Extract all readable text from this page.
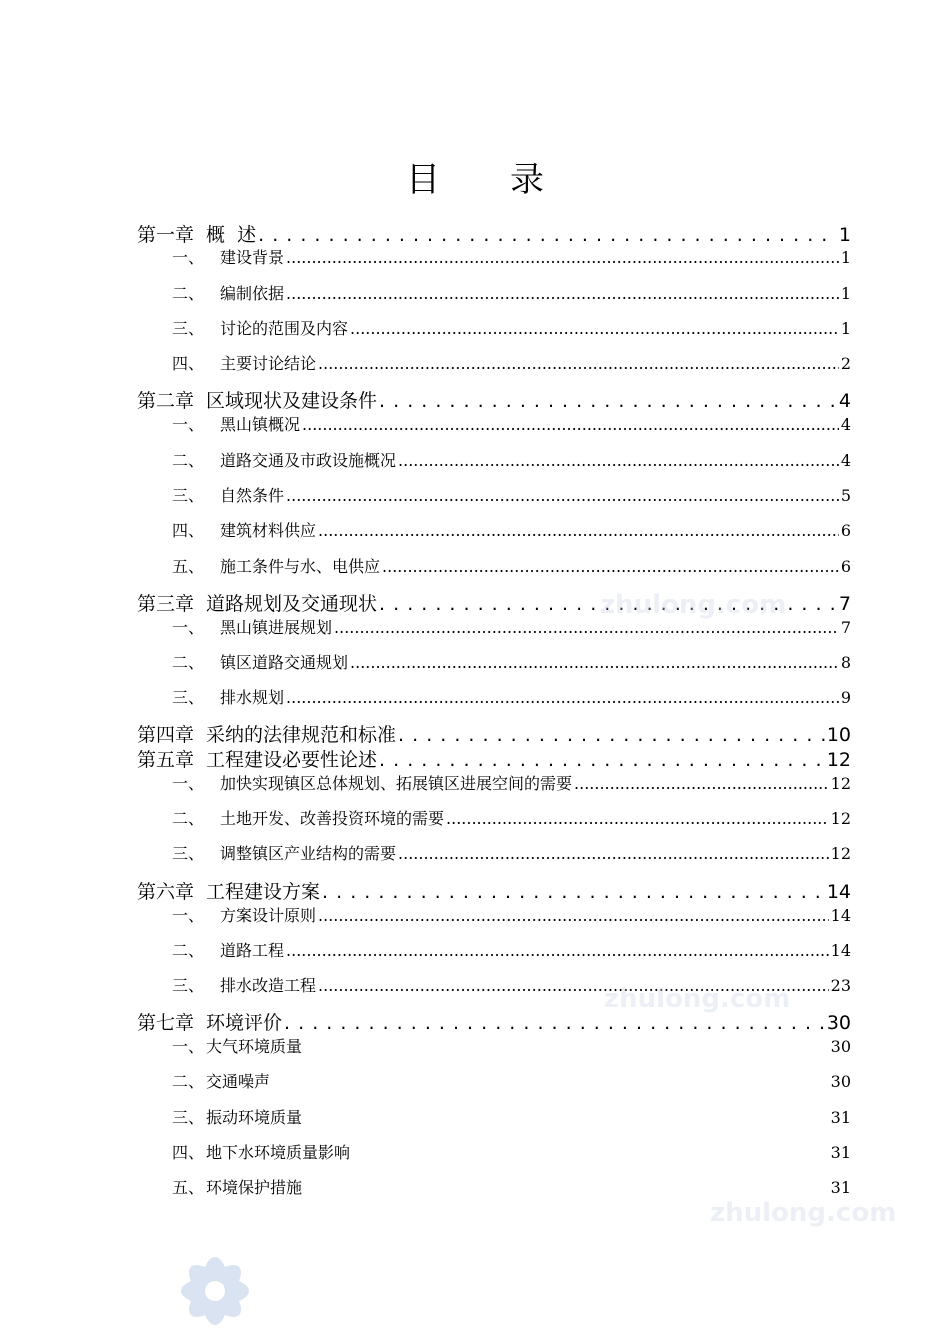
目 录
第一章 概  述 . . .	1
一、 建设背景 .....	1
二、 编制依据 .....	1
三、 讨论的范围及内容 .....	1
四、 主要讨论结论 .....	2
第二章 区域现状及建设条件 . . .	4
一、 黑山镇概况 .....	4
二、 道路交通及市政设施概况 .....	4
三、 自然条件 .....	5
四、 建筑材料供应 .....	6
五、 施工条件与水、电供应 .....	6
第三章 道路规划及交通现状 . . .	7
一、 黑山镇进展规划 .....	7
二、 镇区道路交通规划 .....	8
三、 排水规划 .....	9
第四章 采纳的法律规范和标准 . . .	10
第五章 工程建设必要性论述 . . .	12
一、 加快实现镇区总体规划、拓展镇区进展空间的需要 .....	12
二、 土地开发、改善投资环境的需要 .....	12
三、 调整镇区产业结构的需要 .....	12
第六章 工程建设方案 . . .	14
一、 方案设计原则 .....	14
二、 道路工程 .....	14
三、 排水改造工程 .....	23
第七章 环境评价 . . .	30
一、 大气环境质量	30
二、 交通噪声	30
三、 振动环境质量	31
四、 地下水环境质量影响	31
五、 环境保护措施	31
zhulong.com
zhulong.com
zhulong.com
